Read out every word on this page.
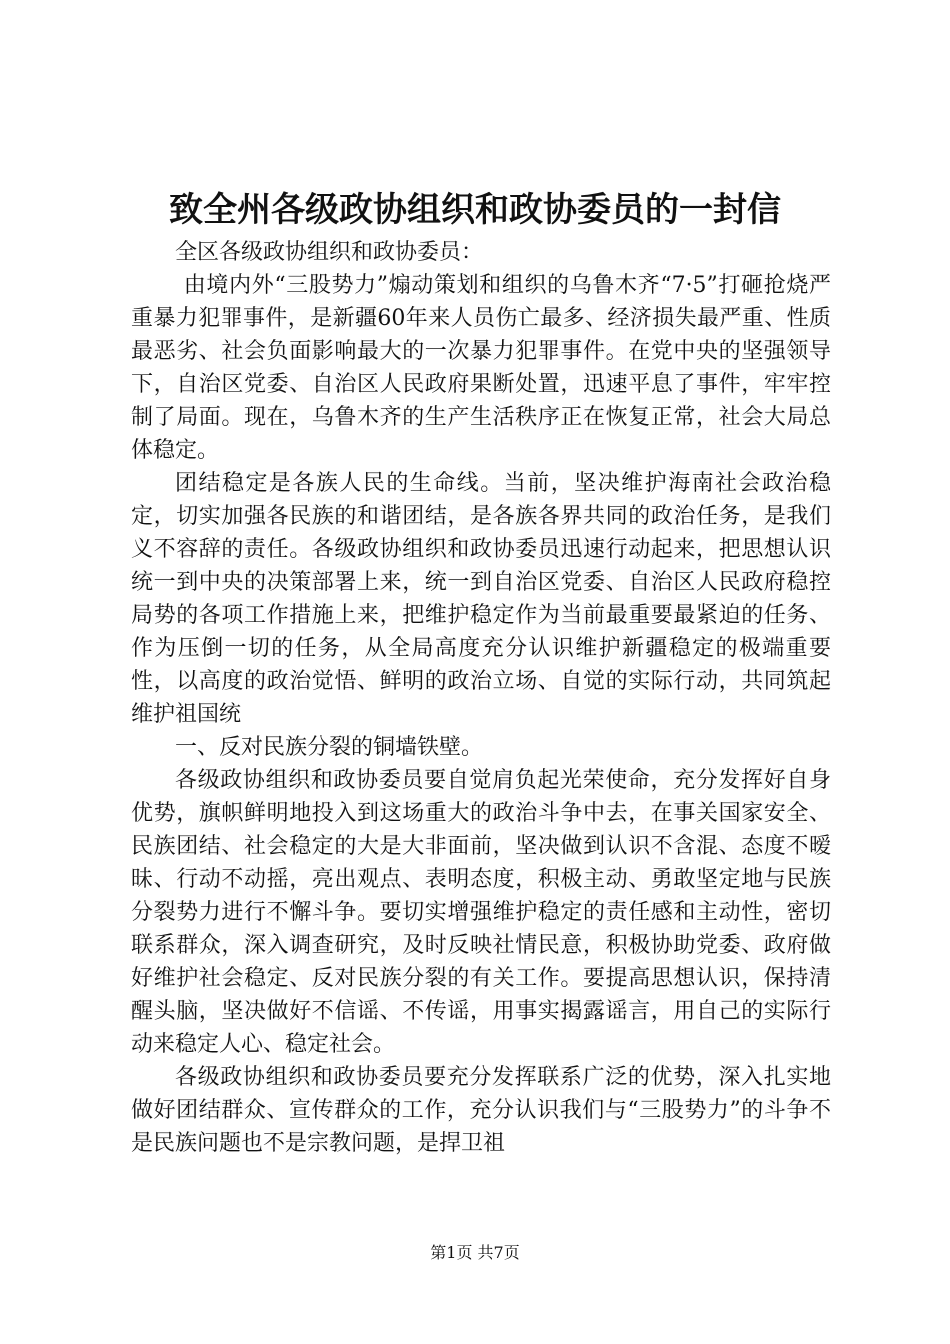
致全州各级政协组织和政协委员的一封信

全区各级政协组织和政协委员：

由境内外“三股势力”煽动策划和组织的乌鲁木齐“7·5”打砸抢烧严重暴力犯罪事件，是新疆60年来人员伤亡最多、经济损失最严重、性质最恶劣、社会负面影响最大的一次暴力犯罪事件。在党中央的坚强领导下，自治区党委、自治区人民政府果断处置，迅速平息了事件，牢牢控制了局面。现在，乌鲁木齐的生产生活秩序正在恢复正常，社会大局总体稳定。

团结稳定是各族人民的生命线。当前，坚决维护海南社会政治稳定，切实加强各民族的和谐团结，是各族各界共同的政治任务，是我们义不容辞的责任。各级政协组织和政协委员迅速行动起来，把思想认识统一到中央的决策部署上来，统一到自治区党委、自治区人民政府稳控局势的各项工作措施上来，把维护稳定作为当前最重要最紧迫的任务、作为压倒一切的任务，从全局高度充分认识维护新疆稳定的极端重要性，以高度的政治觉悟、鲜明的政治立场、自觉的实际行动，共同筑起维护祖国统

一、反对民族分裂的铜墙铁壁。

各级政协组织和政协委员要自觉肩负起光荣使命，充分发挥好自身优势，旗帜鲜明地投入到这场重大的政治斗争中去，在事关国家安全、民族团结、社会稳定的大是大非面前，坚决做到认识不含混、态度不暧昧、行动不动摇，亮出观点、表明态度，积极主动、勇敢坚定地与民族分裂势力进行不懈斗争。要切实增强维护稳定的责任感和主动性，密切联系群众，深入调查研究，及时反映社情民意，积极协助党委、政府做好维护社会稳定、反对民族分裂的有关工作。要提高思想认识，保持清醒头脑，坚决做好不信谣、不传谣，用事实揭露谣言，用自己的实际行动来稳定人心、稳定社会。

各级政协组织和政协委员要充分发挥联系广泛的优势，深入扎实地做好团结群众、宣传群众的工作，充分认识我们与“三股势力”的斗争不是民族问题也不是宗教问题，是捍卫祖

第1页 共7页
